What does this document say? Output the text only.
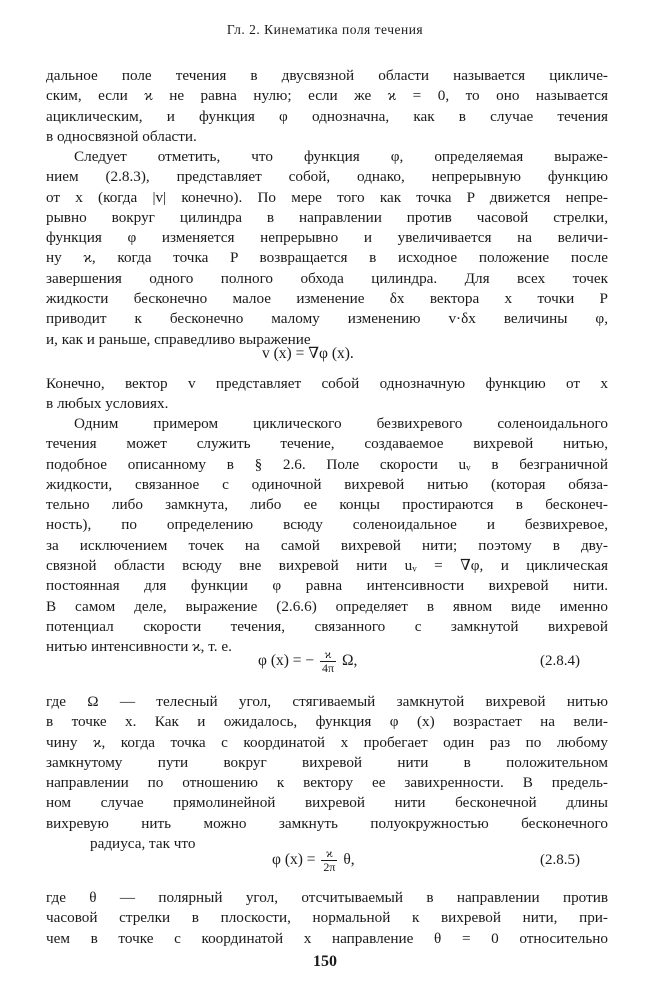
Гл. 2. Кинематика поля течения
дальное поле течения в двусвязной области называется цикличе-
ским, если ϰ не равна нулю; если же ϰ = 0, то оно называется
ациклическим, и функция φ однозначна, как в случае течения
в односвязной области.
Следует отметить, что функция φ, определяемая выраже-
нием (2.8.3), представляет собой, однако, непрерывную функцию
от x (когда |v| конечно). По мере того как точка P движется непре-
рывно вокруг цилиндра в направлении против часовой стрелки,
функция φ изменяется непрерывно и увеличивается на величи-
ну ϰ, когда точка P возвращается в исходное положение после
завершения одного полного обхода цилиндра. Для всех точек
жидкости бесконечно малое изменение δx вектора x точки P
приводит к бесконечно малому изменению v·δx величины φ,
и, как и раньше, справедливо выражение
v (x) = ∇φ (x).
Конечно, вектор v представляет собой однозначную функцию от x
в любых условиях.
Одним примером циклического безвихревого соленоидального
течения может служить течение, создаваемое вихревой нитью,
подобное описанному в § 2.6. Поле скорости uᵥ в безграничной
жидкости, связанное с одиночной вихревой нитью (которая обяза-
тельно либо замкнута, либо ее концы простираются в бесконеч-
ность), по определению всюду соленоидальное и безвихревое,
за исключением точек на самой вихревой нити; поэтому в дву-
связной области всюду вне вихревой нити uᵥ = ∇φ, и циклическая
постоянная для функции φ равна интенсивности вихревой нити.
В самом деле, выражение (2.6.6) определяет в явном виде именно
потенциал скорости течения, связанного с замкнутой вихревой
нитью интенсивности ϰ, т. е.
φ (x) = − $\frac{ϰ}{4\pi} \Omega$,	(2.8.4)
где Ω — телесный угол, стягиваемый замкнутой вихревой нитью
в точке x. Как и ожидалось, функция φ (x) возрастает на вели-
чину ϰ, когда точка с координатой x пробегает один раз по любому
замкнутому пути вокруг вихревой нити в положительном
направлении по отношению к вектору ее завихренности. В предель-
ном случае прямолинейной вихревой нити бесконечной длины
вихревую нить можно замкнуть полуокружностью бесконечного
радиуса, так что
φ $(x) = \frac{ϰ}{2\pi} \theta$,	(2.8.5)
где θ — полярный угол, отсчитываемый в направлении против
часовой стрелки в плоскости, нормальной к вихревой нити, при-
чем в точке с координатой x направление θ = 0 относительно
150
